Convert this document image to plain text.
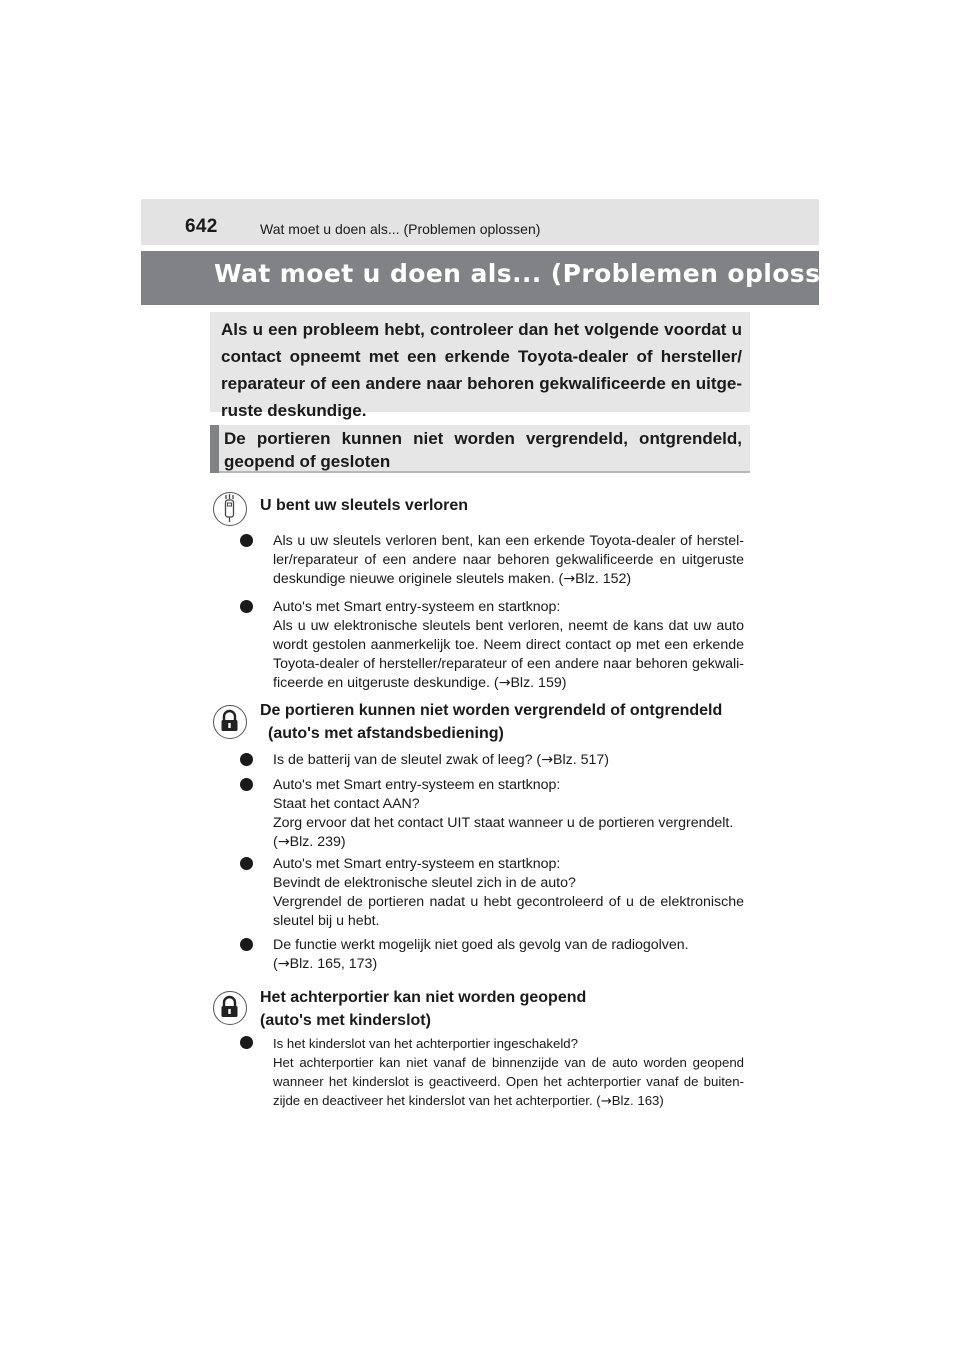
642	Wat moet u doen als... (Problemen oplossen)
Wat moet u doen als... (Problemen oplossen)
Als u een probleem hebt, controleer dan het volgende voordat u contact opneemt met een erkende Toyota-dealer of hersteller/ reparateur of een andere naar behoren gekwalificeerde en uitge-ruste deskundige.
De portieren kunnen niet worden vergrendeld, ontgrendeld, geopend of gesloten
U bent uw sleutels verloren
Als u uw sleutels verloren bent, kan een erkende Toyota-dealer of herstel-ler/reparateur of een andere naar behoren gekwalificeerde en uitgeruste deskundige nieuwe originele sleutels maken. (→Blz. 152)

Auto's met Smart entry-systeem en startknop:

Als u uw elektronische sleutels bent verloren, neemt de kans dat uw auto wordt gestolen aanmerkelijk toe. Neem direct contact op met een erkende Toyota-dealer of hersteller/reparateur of een andere naar behoren gekwali-ficeerde en uitgeruste deskundige. (→Blz. 159)

De portieren kunnen niet worden vergrendeld of ontgrendeld
(auto's met afstandsbediening)
Is de batterij van de sleutel zwak of leeg? (→Blz. 517)

Auto's met Smart entry-systeem en startknop:

Staat het contact AAN?

Zorg ervoor dat het contact UIT staat wanneer u de portieren vergrendelt.

(→Blz. 239)

Auto's met Smart entry-systeem en startknop:

Bevindt de elektronische sleutel zich in de auto?

Vergrendel de portieren nadat u hebt gecontroleerd of u de elektronische sleutel bij u hebt.

De functie werkt mogelijk niet goed als gevolg van de radiogolven.

(→Blz. 165, 173)

Het achterportier kan niet worden geopend
(auto's met kinderslot)

Is het kinderslot van het achterportier ingeschakeld?

Het achterportier kan niet vanaf de binnenzijde van de auto worden geopend wanneer het kinderslot is geactiveerd. Open het achterportier vanaf de buiten-zijde en deactiveer het kinderslot van het achterportier. (→Blz. 163)
